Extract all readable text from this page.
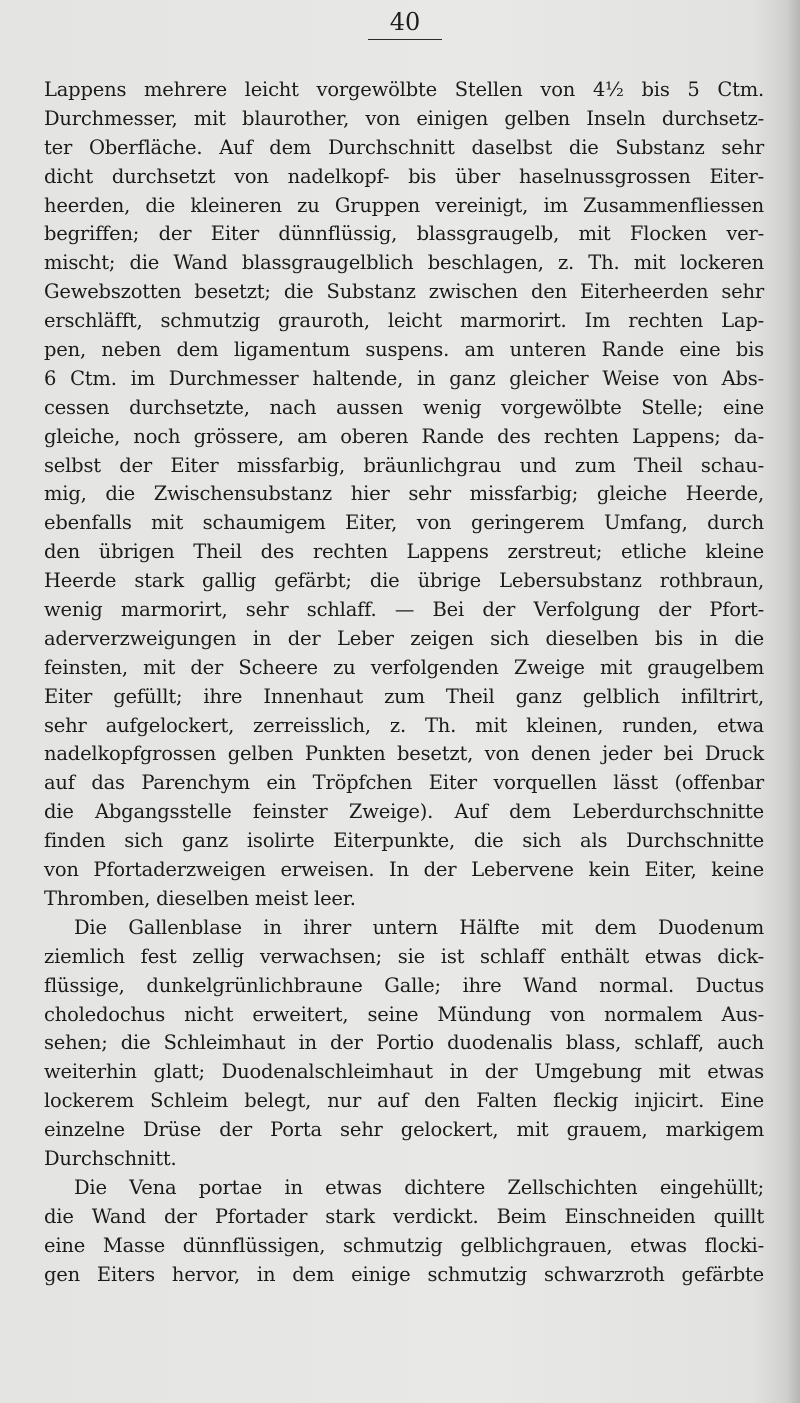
40
Lappens mehrere leicht vorgewölbte Stellen von 4½ bis 5 Ctm.
Durchmesser, mit blaurother, von einigen gelben Inseln durchsetz-
ter Oberfläche. Auf dem Durchschnitt daselbst die Substanz sehr
dicht durchsetzt von nadelkopf- bis über haselnussgrossen Eiter-
heerden, die kleineren zu Gruppen vereinigt, im Zusammenfliessen
begriffen; der Eiter dünnflüssig, blassgraugelb, mit Flocken ver-
mischt; die Wand blassgraugelblich beschlagen, z. Th. mit lockeren
Gewebszotten besetzt; die Substanz zwischen den Eiterheerden sehr
erschläfft, schmutzig grauroth, leicht marmorirt. Im rechten Lap-
pen, neben dem ligamentum suspens. am unteren Rande eine bis
6 Ctm. im Durchmesser haltende, in ganz gleicher Weise von Abs-
cessen durchsetzte, nach aussen wenig vorgewölbte Stelle; eine
gleiche, noch grössere, am oberen Rande des rechten Lappens; da-
selbst der Eiter missfarbig, bräunlichgrau und zum Theil schau-
mig, die Zwischensubstanz hier sehr missfarbig; gleiche Heerde,
ebenfalls mit schaumigem Eiter, von geringerem Umfang, durch
den übrigen Theil des rechten Lappens zerstreut; etliche kleine
Heerde stark gallig gefärbt; die übrige Lebersubstanz rothbraun,
wenig marmorirt, sehr schlaff. — Bei der Verfolgung der Pfort-
aderverzweigungen in der Leber zeigen sich dieselben bis in die
feinsten, mit der Scheere zu verfolgenden Zweige mit graugelbem
Eiter gefüllt; ihre Innenhaut zum Theil ganz gelblich infiltrirt,
sehr aufgelockert, zerreisslich, z. Th. mit kleinen, runden, etwa
nadelkopfgrossen gelben Punkten besetzt, von denen jeder bei Druck
auf das Parenchym ein Tröpfchen Eiter vorquellen lässt (offenbar
die Abgangsstelle feinster Zweige). Auf dem Leberdurchschnitte
finden sich ganz isolirte Eiterpunkte, die sich als Durchschnitte
von Pfortaderzweigen erweisen. In der Lebervene kein Eiter, keine
Thromben, dieselben meist leer.
Die Gallenblase in ihrer untern Hälfte mit dem Duodenum
ziemlich fest zellig verwachsen; sie ist schlaff enthält etwas dick-
flüssige, dunkelgrünlichbraune Galle; ihre Wand normal. Ductus
choledochus nicht erweitert, seine Mündung von normalem Aus-
sehen; die Schleimhaut in der Portio duodenalis blass, schlaff, auch
weiterhin glatt; Duodenalschleimhaut in der Umgebung mit etwas
lockerem Schleim belegt, nur auf den Falten fleckig injicirt. Eine
einzelne Drüse der Porta sehr gelockert, mit grauem, markigem
Durchschnitt.
Die Vena portae in etwas dichtere Zellschichten eingehüllt;
die Wand der Pfortader stark verdickt. Beim Einschneiden quillt
eine Masse dünnflüssigen, schmutzig gelblichgrauen, etwas flocki-
gen Eiters hervor, in dem einige schmutzig schwarzroth gefärbte
